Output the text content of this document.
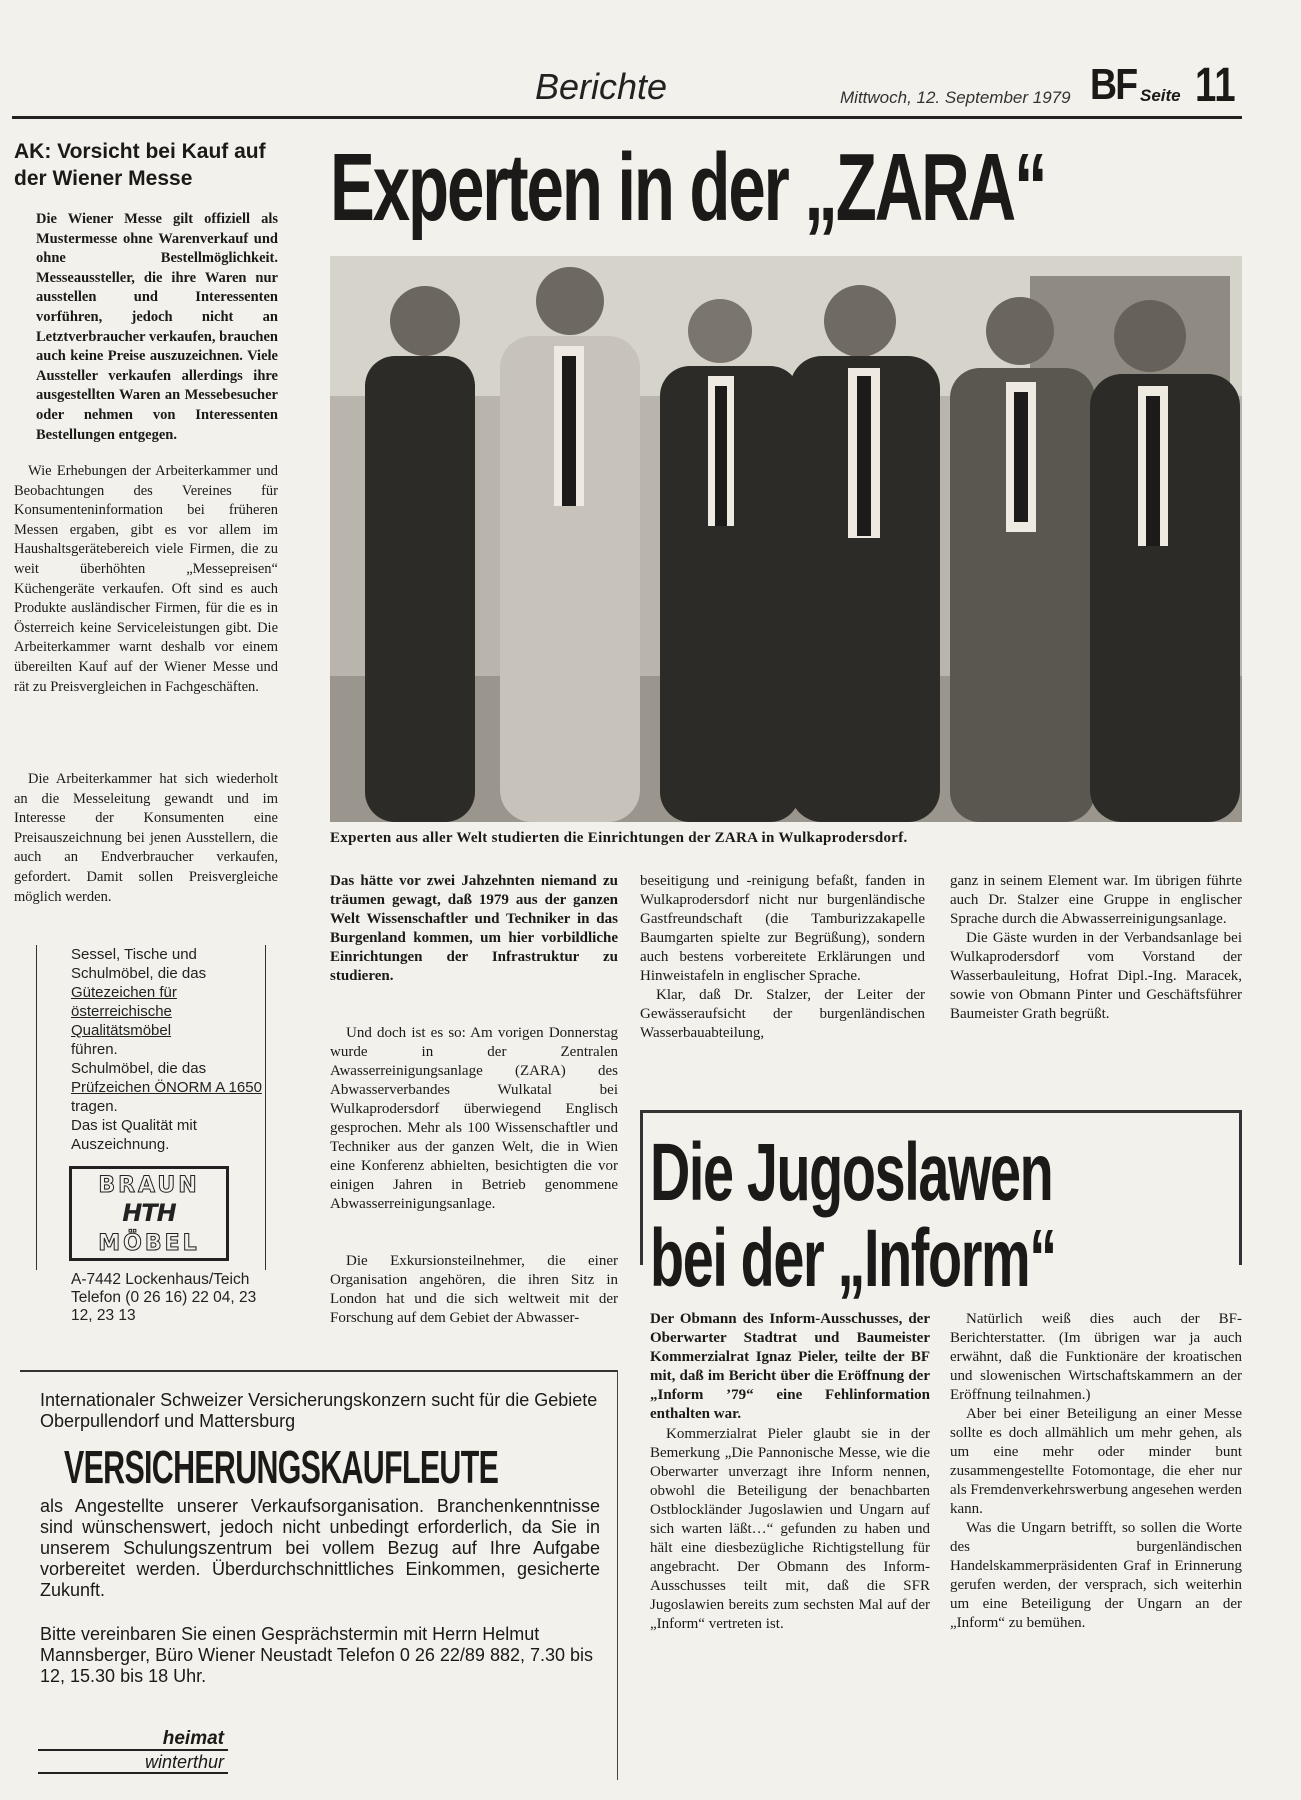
Berichte	Mittwoch, 12. September 1979 BF Seite 11
AK: Vorsicht bei Kauf auf der Wiener Messe
Die Wiener Messe gilt offiziell als Mustermesse ohne Warenverkauf und ohne Bestellmöglichkeit. Messeaussteller, die ihre Waren nur ausstellen und Interessenten vorführen, jedoch nicht an Letztverbraucher verkaufen, brauchen auch keine Preise auszuzeichnen. Viele Aussteller verkaufen allerdings ihre ausgestellten Waren an Messebesucher oder nehmen von Interessenten Bestellungen entgegen.
Wie Erhebungen der Arbeiterkammer und Beobachtungen des Vereines für Konsumenteninformation bei früheren Messen ergaben, gibt es vor allem im Haushaltsgerätebereich viele Firmen, die zu weit überhöhten „Messepreisen“ Küchengeräte verkaufen. Oft sind es auch Produkte ausländischer Firmen, für die es in Österreich keine Serviceleistungen gibt. Die Arbeiterkammer warnt deshalb vor einem übereilten Kauf auf der Wiener Messe und rät zu Preisvergleichen in Fachgeschäften.
Die Arbeiterkammer hat sich wiederholt an die Messeleitung gewandt und im Interesse der Konsumenten eine Preisauszeichnung bei jenen Ausstellern, die auch an Endverbraucher verkaufen, gefordert. Damit sollen Preisvergleiche möglich werden.
Sessel, Tische und Schulmöbel, die das
Gütezeichen für österreichische Qualitätsmöbel
führen.
Schulmöbel, die das
Prüfzeichen ÖNORM A 1650
tragen.
Das ist Qualität mit Auszeichnung.
BRAUN
HTH
MÖBEL
A-7442 Lockenhaus/Teich Telefon (0 26 16) 22 04, 23 12, 23 13
Internationaler Schweizer Versicherungskonzern sucht für die Gebiete Oberpullendorf und Mattersburg
VERSICHERUNGSKAUFLEUTE
als Angestellte unserer Verkaufsorganisation. Branchenkenntnisse sind wünschenswert, jedoch nicht unbedingt erforderlich, da Sie in unserem Schulungszentrum bei vollem Bezug auf Ihre Aufgabe vorbereitet werden. Überdurchschnittliches Einkommen, gesicherte Zukunft.
Bitte vereinbaren Sie einen Gesprächstermin mit Herrn Helmut Mannsberger, Büro Wiener Neustadt Telefon 0 26 22/89 882, 7.30 bis 12, 15.30 bis 18 Uhr.
heimat
winterthur
Experten in der „ZARA“
Experten aus aller Welt studierten die Einrichtungen der ZARA in Wulkaprodersdorf.
Das hätte vor zwei Jahzehnten niemand zu träumen gewagt, daß 1979 aus der ganzen Welt Wissenschaftler und Techniker in das Burgenland kommen, um hier vorbildliche Einrichtungen der Infrastruktur zu studieren.

Und doch ist es so: Am vorigen Donnerstag wurde in der Zentralen Awasserreinigungsanlage (ZARA) des Abwasserverbandes Wulkatal bei Wulkaprodersdorf überwiegend Englisch gesprochen. Mehr als 100 Wissenschaftler und Techniker aus der ganzen Welt, die in Wien eine Konferenz abhielten, besichtigten die vor einigen Jahren in Betrieb genommene Abwasserreinigungsanlage.

Die Exkursionsteilnehmer, die einer Organisation angehören, die ihren Sitz in London hat und die sich weltweit mit der Forschung auf dem Gebiet der Abwasser-

beseitigung und -reinigung befaßt, fanden in Wulkaprodersdorf nicht nur burgenländische Gastfreundschaft (die Tamburizzakapelle Baumgarten spielte zur Begrüßung), sondern auch bestens vorbereitete Erklärungen und Hinweistafeln in englischer Sprache.

Klar, daß Dr. Stalzer, der Leiter der Gewässeraufsicht der burgenländischen Wasserbauabteilung,

ganz in seinem Element war. Im übrigen führte auch Dr. Stalzer eine Gruppe in englischer Sprache durch die Abwasserreinigungsanlage.

Die Gäste wurden in der Verbandsanlage bei Wulkaprodersdorf vom Vorstand der Wasserbauleitung, Hofrat Dipl.-Ing. Maracek, sowie von Obmann Pinter und Geschäftsführer Baumeister Grath begrüßt.

Die Jugoslawen
bei der „Inform“
Der Obmann des Inform-Ausschusses, der Oberwarter Stadtrat und Baumeister Kommerzialrat Ignaz Pieler, teilte der BF mit, daß im Bericht über die Eröffnung der „Inform ’79“ eine Fehlinformation enthalten war.

Kommerzialrat Pieler glaubt sie in der Bemerkung „Die Pannonische Messe, wie die Oberwarter unverzagt ihre Inform nennen, obwohl die Beteiligung der benachbarten Ostblockländer Jugoslawien und Ungarn auf sich warten läßt…“ gefunden zu haben und hält eine diesbezügliche Richtigstellung für angebracht. Der Obmann des Inform-Ausschusses teilt mit, daß die SFR Jugoslawien bereits zum sechsten Mal auf der „Inform“ vertreten ist.

Natürlich weiß dies auch der BF-Berichterstatter. (Im übrigen war ja auch erwähnt, daß die Funktionäre der kroatischen und slowenischen Wirtschaftskammern an der Eröffnung teilnahmen.)

Aber bei einer Beteiligung an einer Messe sollte es doch allmählich um mehr gehen, als um eine mehr oder minder bunt zusammengestellte Fotomontage, die eher nur als Fremdenverkehrswerbung angesehen werden kann.

Was die Ungarn betrifft, so sollen die Worte des burgenländischen Handelskammerpräsidenten Graf in Erinnerung gerufen werden, der versprach, sich weiterhin um eine Beteiligung der Ungarn an der „Inform“ zu bemühen.
